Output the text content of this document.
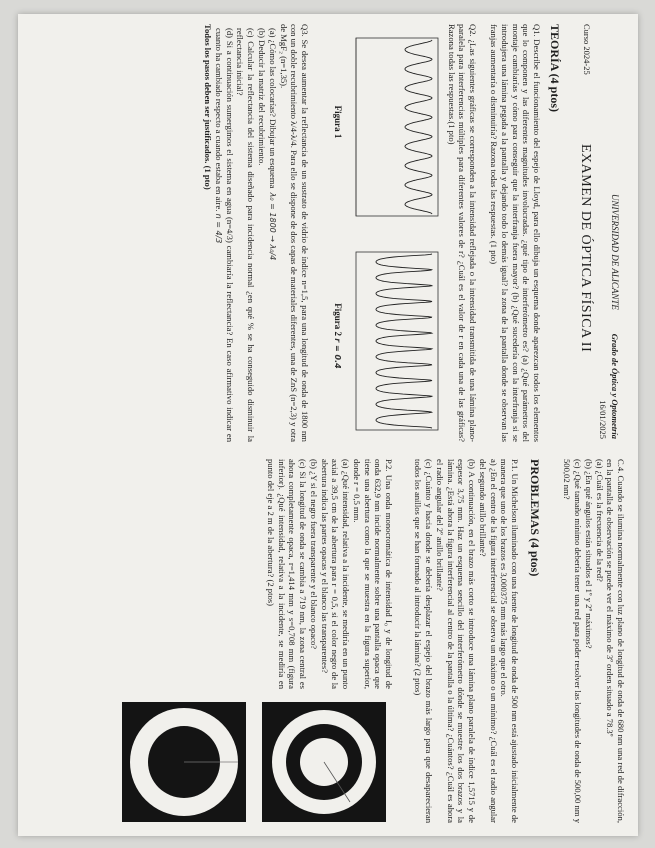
UNIVERSIDAD DE ALICANTE
Grado de Óptica y Optometría
16/01/2025
Curso 2024-25
EXAMEN DE ÓPTICA FÍSICA II
TEORÍA (4 ptos)

Q1. Describe el funcionamiento del espejo de Lloyd, para ello dibuja un esquema donde aparezcan todos los elementos que lo componen y las diferentes magnitudes involucradas. ¿qué tipo de interferómetro es? (a) ¿Qué parámetros del montaje cambiarías y cómo para conseguir que la interfranja fuera mayor? (b) ¿Qué sucedería con la interfranja si se introdujera una lámina pegada a la pantalla y dejando todo lo demás igual? la zona de la pantalla donde se observan las franjas aumentaría o disminuiría? Razona todas las respuestas. (1 pto)

Q2. ¿Las siguientes gráficas se corresponden a la intensidad reflejada o la intensidad transmitida de una lámina plano-paralela para interferencias múltiples para diferentes valores de r? ¿Cuál es el valor de r en cada una de las gráficas? Razona todas las respuestas.(1 pto)

Figura 1
Figura 2 r = 0.4

Q3. Se desea aumentar la reflectancia de un sustrato de vidrio de índice n=1,5, para una longitud de onda de 1800 nm con un doble recubrimiento λ/4-λ/4. Para ello se dispone de dos capas de materiales diferentes, una de ZnS (n=2,3) y otra de MgF₂ (n=1,35).

(a) ¿Cómo las colocarías? Dibujar un esquema  λ₀ = 1800 → λ₀/4

(b) Deducir la matriz del recubrimiento.

(c) Calcular la reflectancia del sistema diseñado para incidencia normal ¿en qué % se ha conseguido disminuir la reflectancia inicial?

(d) Si a continuación sumergimos el sistema en agua (n=4/3) cambiaría la reflectancia? En caso afirmativo indicar en cuanto ha cambiado respecto a cuando estaba en aire. n = 4/3

Todos los pasos deben ser justificados. (1 pto)

C.4. Cuando se ilumina normalmente con luz plano de longitud de onda de 680 nm una red de difracción, en la pantalla de observación se puede ver el máximo de 3º orden situado a 78.3º

(a) ¿Cuál es la frecuencia de la red?

(b) ¿En qué ángulos están situados el 1º y 2º máximos?

(c) ¿Qué tamaño mínimo debería tener una red para poder resolver las longitudes de onda de 500,00 nm y 500,02 nm?

PROBLEMAS (4 ptos)

P.1. Un Michelson iluminado con una fuente de longitud de onda de 500 nm está ajustado inicialmente de manera que uno de los brazos es 3,000375 mm más largo que el otro.

a) ¿En el centro de la figura interferencial se observa un máximo o un mínimo? ¿Cuál es el radio angular del segundo anillo brillante?

(b) A continuación, en el brazo más corto se introduce una lámina plano paralela de índice 1,5715 y de espesor 3,75 mm. Haz un esquema sencillo del interferómetro dónde se muestre los dos brazos y la lámina. ¿Está ahora la figura interferencial al centro de la pantalla o la última? ¿Cuántos? ¿Cuál es ahora el radio angular del 2º anillo brillante?

(c) ¿Cuánto y hacia donde se debería desplazar el espejo del brazo más largo para que desaparecieran todos los anillos que se han formado al introducir la lámina? (2 ptos)

P.2. Una onda monocromática de intensidad I₀ y de longitud de onda 632,9 nm incide normalmente sobre una pantalla opaca que tiene una abertura como la que se muestra en la figura superior, donde r = 0,5 mm.

(a) ¿Qué intensidad, relativa a la incidente, se mediría en un punto axial a 39,5 cm de la abertura para r = 0,5, si el color negro de la abertura indica las partes opacas y el blanco las transparentes?

(b) ¿Y si el negro fuera transparente y el blanco opaco?

(c) Si la longitud de onda se cambia a 719 nm, la zona central es ahora completamente opaca, r=1,414 mm y s=0,708 mm (figura inferior). ¿Qué intensidad, relativa a la incidente, se mediría en punto del eje a 2 m de la abertura? (2 ptos)
